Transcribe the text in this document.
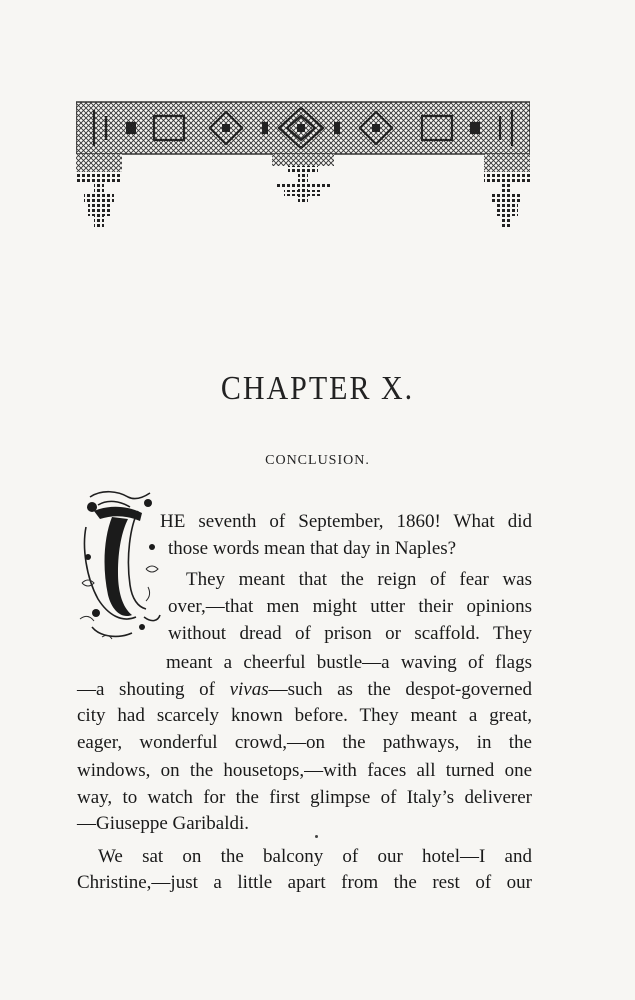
CHAPTER X.
CONCLUSION.
HE seventh of September, 1860! What did
those words mean that day in Naples?
They meant that the reign of fear was
over,—that men might utter their opinions
without dread of prison or scaffold. They
meant a cheerful bustle—a waving of flags
—a shouting of vivas—such as the despot-governed
city had scarcely known before. They meant a great,
eager, wonderful crowd,—on the pathways, in the
windows, on the housetops,—with faces all turned one
way, to watch for the first glimpse of Italy’s deliverer
—Giuseppe Garibaldi.
We sat on the balcony of our hotel—I and
Christine,—just a little apart from the rest of our
